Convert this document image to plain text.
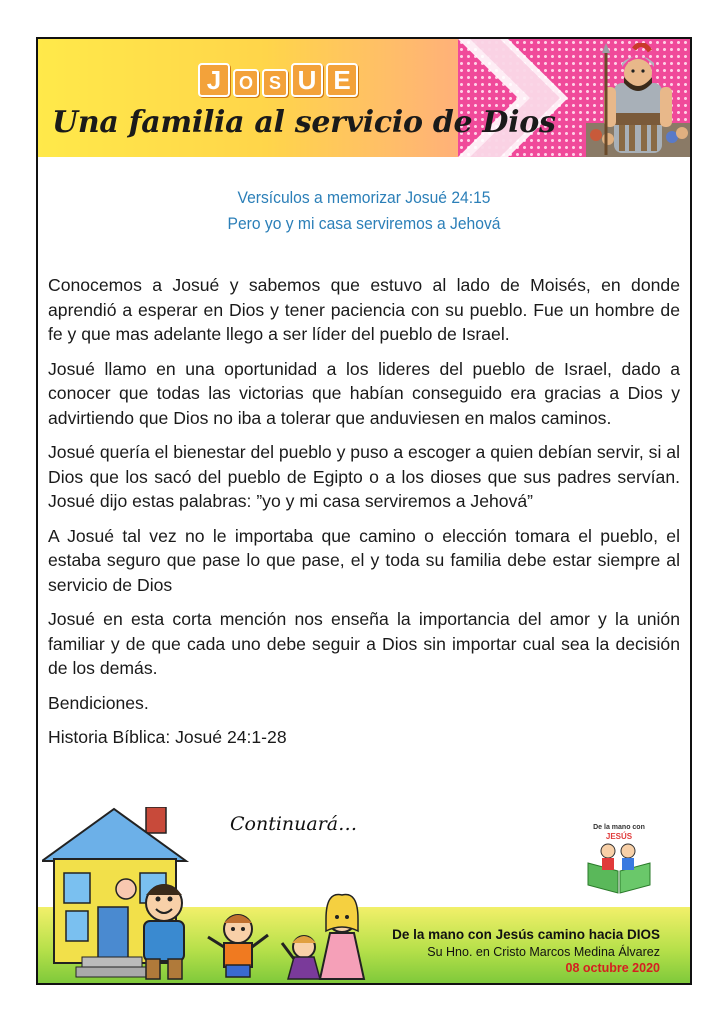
J O S U E
Una familia al servicio de Dios
Versículos a memorizar Josué 24:15
Pero yo y mi casa serviremos a Jehová

Conocemos a Josué y sabemos que estuvo al lado de Moisés, en donde aprendió a esperar en Dios y tener paciencia con su pueblo. Fue un hombre de fe y que mas adelante llego a ser líder del pueblo de Israel.

Josué llamo en una oportunidad a los lideres del pueblo de Israel, dado a conocer que todas las victorias que habían conseguido era gracias a Dios y advirtiendo que Dios no iba a tolerar que anduviesen en malos caminos.

Josué quería el bienestar del pueblo y puso a escoger a quien debían servir, si al Dios que los sacó del pueblo de Egipto o a los dioses que sus padres servían. Josué dijo estas palabras: ”yo y mi casa serviremos a Jehová”

A Josué tal vez no le importaba que camino o elección tomara el pueblo, el estaba seguro que pase lo que pase, el y toda su familia debe estar siempre al servicio de Dios

Josué en esta corta mención nos enseña la importancia del amor y la unión familiar y de que cada uno debe seguir a Dios sin importar cual sea la decisión de los demás.

Bendiciones.

Historia Bíblica: Josué 24:1-28

Continuará…	De la mano con
JESÚS
De la mano con Jesús camino hacia DIOS
Su Hno. en Cristo Marcos Medina Álvarez
08 octubre 2020
